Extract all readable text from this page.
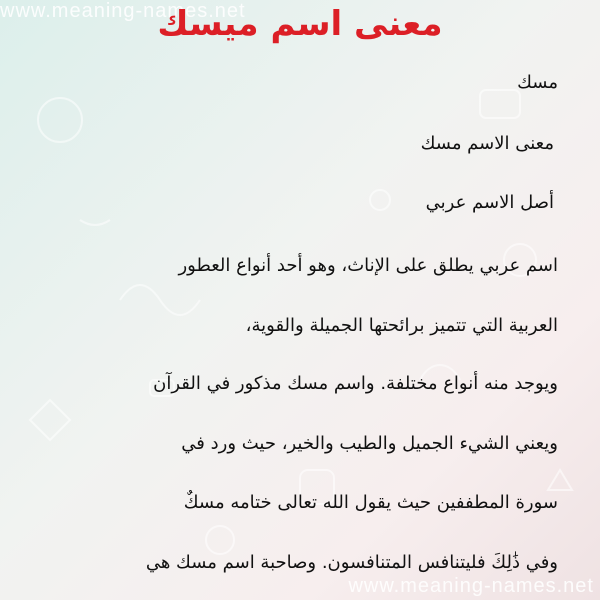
www.meaning-names.net
معنى اسم ميسك

مسك

معنى الاسم مسك

أصل الاسم عربي

اسم عربي يطلق على الإناث، وهو أحد أنواع العطور

العربية التي تتميز برائحتها الجميلة والقوية،

ويوجد منه أنواع مختلفة. واسم مسك مذكور في القرآن

ويعني الشيء الجميل والطيب والخير، حيث ورد في

سورة المطففين حيث يقول الله تعالى ختامه مسكٌ

وفي ذَٰلِكَ فليتنافس المتنافسون. وصاحبة اسم مسك هي

www.meaning-names.net
